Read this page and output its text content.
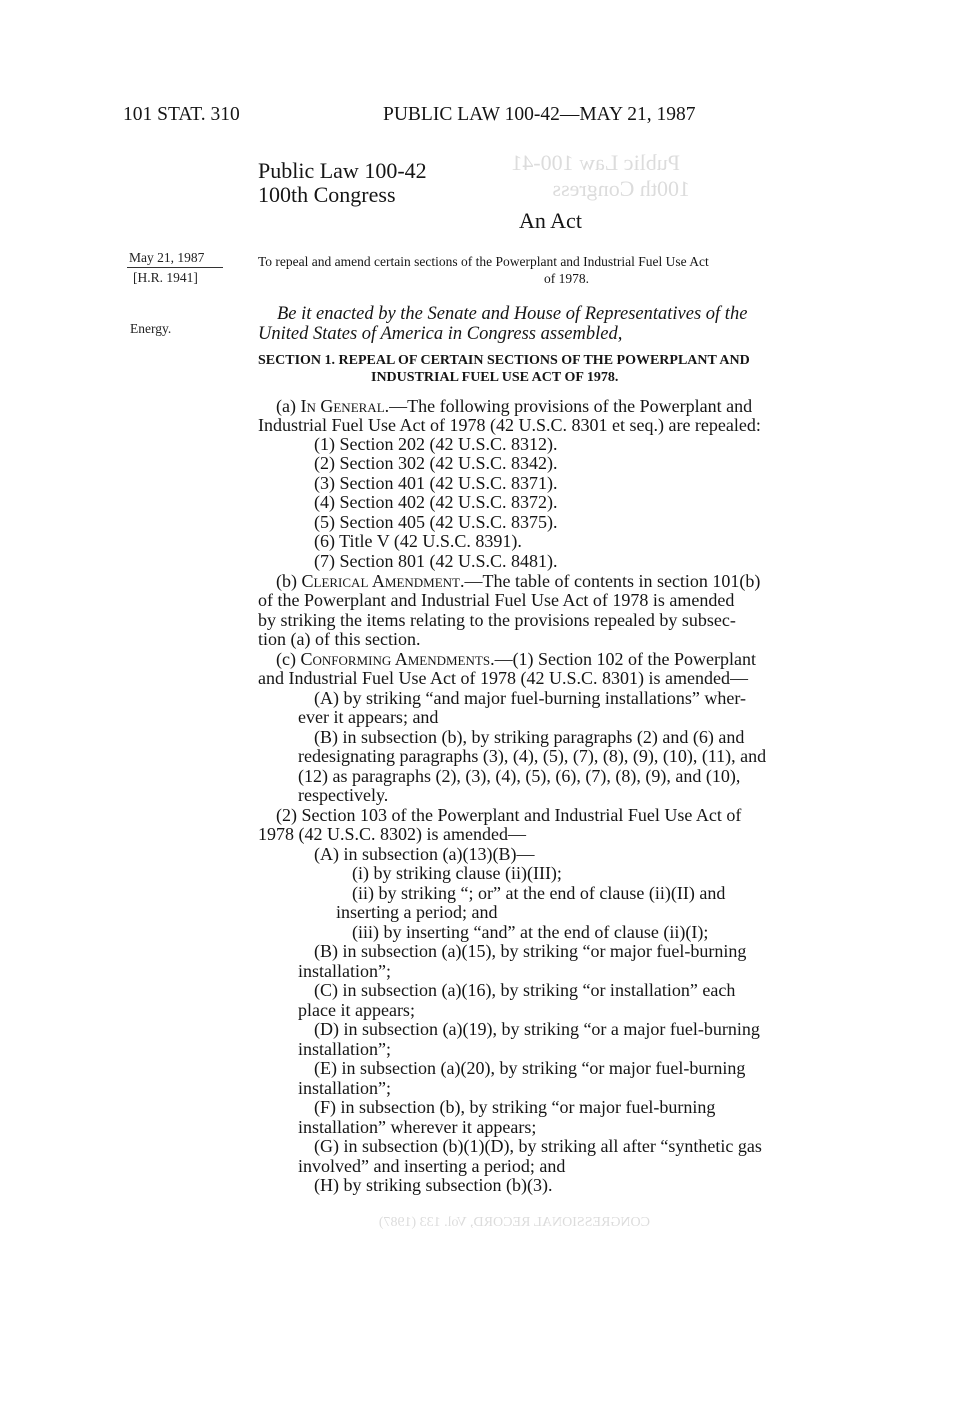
Public Law 100-41
100th Congress
CONGRESSIONAL RECORD, Vol. 133 (1987)
101 STAT. 310	PUBLIC LAW 100-42—MAY 21, 1987
Public Law 100-42
100th Congress
An Act
May 21, 1987
[H.R. 1941]
Energy.
To repeal and amend certain sections of the Powerplant and Industrial Fuel Use Act
of 1978.
Be it enacted by the Senate and House of Representatives of the
United States of America in Congress assembled,
SECTION 1. REPEAL OF CERTAIN SECTIONS OF THE POWERPLANT AND
INDUSTRIAL FUEL USE ACT OF 1978.
(a) In General.—The following provisions of the Powerplant and
Industrial Fuel Use Act of 1978 (42 U.S.C. 8301 et seq.) are repealed:
(1) Section 202 (42 U.S.C. 8312).
(2) Section 302 (42 U.S.C. 8342).
(3) Section 401 (42 U.S.C. 8371).
(4) Section 402 (42 U.S.C. 8372).
(5) Section 405 (42 U.S.C. 8375).
(6) Title V (42 U.S.C. 8391).
(7) Section 801 (42 U.S.C. 8481).
(b) Clerical Amendment.—The table of contents in section 101(b)
of the Powerplant and Industrial Fuel Use Act of 1978 is amended
by striking the items relating to the provisions repealed by subsec-
tion (a) of this section.
(c) Conforming Amendments.—(1) Section 102 of the Powerplant
and Industrial Fuel Use Act of 1978 (42 U.S.C. 8301) is amended—
(A) by striking “and major fuel-burning installations” wher-
ever it appears; and
(B) in subsection (b), by striking paragraphs (2) and (6) and
redesignating paragraphs (3), (4), (5), (7), (8), (9), (10), (11), and
(12) as paragraphs (2), (3), (4), (5), (6), (7), (8), (9), and (10),
respectively.
(2) Section 103 of the Powerplant and Industrial Fuel Use Act of
1978 (42 U.S.C. 8302) is amended—
(A) in subsection (a)(13)(B)—
(i) by striking clause (ii)(III);
(ii) by striking “; or” at the end of clause (ii)(II) and
inserting a period; and
(iii) by inserting “and” at the end of clause (ii)(I);
(B) in subsection (a)(15), by striking “or major fuel-burning
installation”;
(C) in subsection (a)(16), by striking “or installation” each
place it appears;
(D) in subsection (a)(19), by striking “or a major fuel-burning
installation”;
(E) in subsection (a)(20), by striking “or major fuel-burning
installation”;
(F) in subsection (b), by striking “or major fuel-burning
installation” wherever it appears;
(G) in subsection (b)(1)(D), by striking all after “synthetic gas
involved” and inserting a period; and
(H) by striking subsection (b)(3).
